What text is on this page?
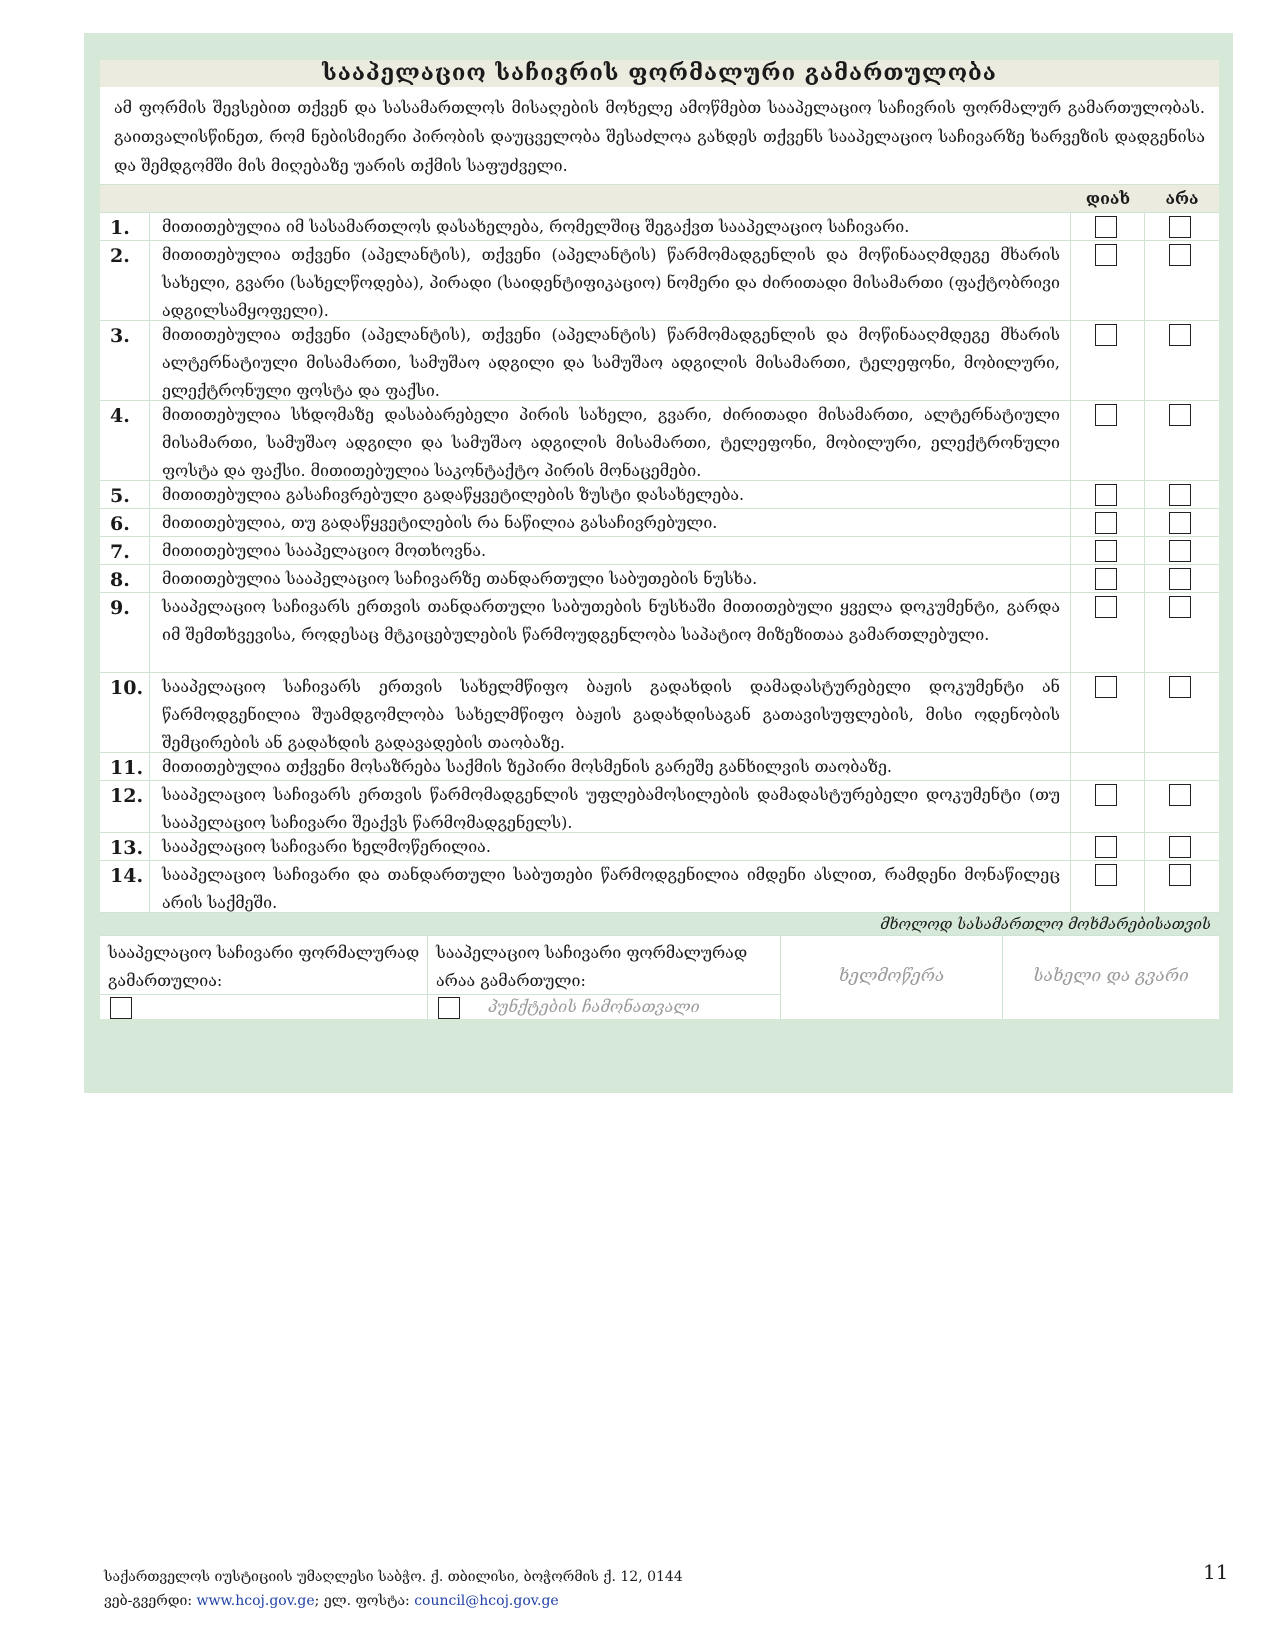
სააპელაციო საჩივრის ფორმალური გამართულობა
ამ ფორმის შევსებით თქვენ და სასამართლოს მისაღების მოხელე ამოწმებთ სააპელაციო საჩივრის ფორმალურ გამართულობას. გაითვალისწინეთ, რომ ნებისმიერი პირობის დაუცველობა შესაძლოა გახდეს თქვენს სააპელაციო საჩივარზე ხარვეზის დადგენისა და შემდგომში მის მიღებაზე უარის თქმის საფუძველი.
დიახ	არა
1.	მითითებულია იმ სასამართლოს დასახელება, რომელშიც შეგაქვთ სააპელაციო საჩივარი.
2.	მითითებულია თქვენი (აპელანტის), თქვენი (აპელანტის) წარმომადგენლის და მოწინააღმდეგე მხარის სახელი, გვარი (სახელწოდება), პირადი (საიდენტიფიკაციო) ნომერი და ძირითადი მისამართი (ფაქტობრივი ადგილსამყოფელი).
3.	მითითებულია თქვენი (აპელანტის), თქვენი (აპელანტის) წარმომადგენლის და მოწინააღმდეგე მხარის ალტერნატიული მისამართი, სამუშაო ადგილი და სამუშაო ადგილის მისამართი, ტელეფონი, მობილური, ელექტრონული ფოსტა და ფაქსი.
4.	მითითებულია სხდომაზე დასაბარებელი პირის სახელი, გვარი, ძირითადი მისამართი, ალტერნატიული მისამართი, სამუშაო ადგილი და სამუშაო ადგილის მისამართი, ტელეფონი, მობილური, ელექტრონული ფოსტა და ფაქსი. მითითებულია საკონტაქტო პირის მონაცემები.
5.	მითითებულია გასაჩივრებული გადაწყვეტილების ზუსტი დასახელება.
6.	მითითებულია, თუ გადაწყვეტილების რა ნაწილია გასაჩივრებული.
7.	მითითებულია სააპელაციო მოთხოვნა.
8.	მითითებულია სააპელაციო საჩივარზე თანდართული საბუთების ნუსხა.
9.	სააპელაციო საჩივარს ერთვის თანდართული საბუთების ნუსხაში მითითებული ყველა დოკუმენტი, გარდა იმ შემთხვევისა, როდესაც მტკიცებულების წარმოუდგენლობა საპატიო მიზეზითაა გამართლებული.
10.	სააპელაციო საჩივარს ერთვის სახელმწიფო ბაჟის გადახდის დამადასტურებელი დოკუმენტი ან წარმოდგენილია შუამდგომლობა სახელმწიფო ბაჟის გადახდისაგან გათავისუფლების, მისი ოდენობის შემცირების ან გადახდის გადავადების თაობაზე.
11.	მითითებულია თქვენი მოსაზრება საქმის ზეპირი მოსმენის გარეშე განხილვის თაობაზე.
12.	სააპელაციო საჩივარს ერთვის წარმომადგენლის უფლებამოსილების დამადასტურებელი დოკუმენტი (თუ სააპელაციო საჩივარი შეაქვს წარმომადგენელს).
13.	სააპელაციო საჩივარი ხელმოწერილია.
14.	სააპელაციო საჩივარი და თანდართული საბუთები წარმოდგენილია იმდენი ასლით, რამდენი მონაწილეც არის საქმეში.
მხოლოდ სასამართლო მოხმარებისათვის
სააპელაციო საჩივარი ფორმალურად გამართულია:
სააპელაციო საჩივარი ფორმალურად არაა გამართული:
პუნქტების ჩამონათვალი
ხელმოწერა	სახელი და გვარი
საქართველოს იუსტიციის უმაღლესი საბჭო. ქ. თბილისი, ბოჭორმის ქ. 12, 0144
ვებ-გვერდი: www.hcoj.gov.ge; ელ. ფოსტა: council@hcoj.gov.ge
11
